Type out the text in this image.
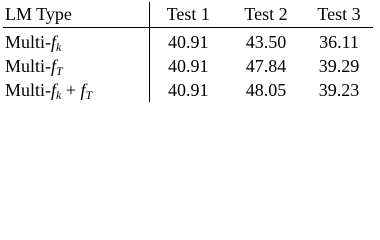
LM Type	Test 1	Test 2	Test 3
Multi-$f_k$	40.91	43.50	36.11
Multi-$f_T$	40.91	47.84	39.29
Multi-$f_k + f_T$	40.91	48.05	39.23
